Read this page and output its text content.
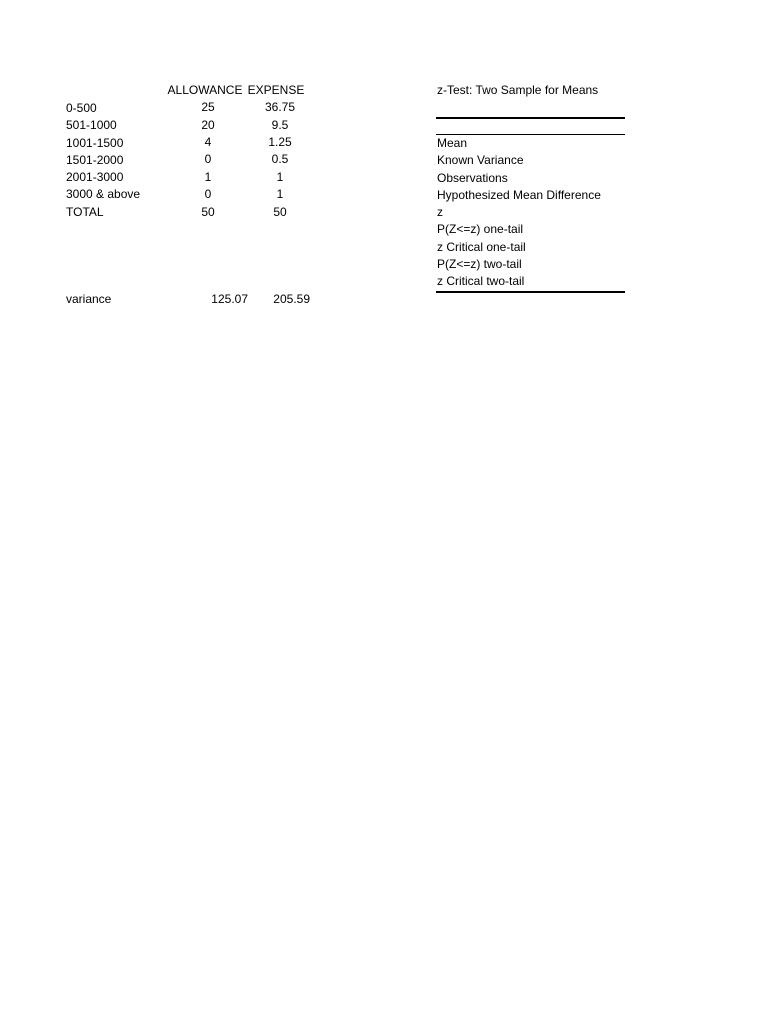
ALLOWANCE EXPENSE
0-500	25	36.75
501-1000	20	9.5
1001-1500	4	1.25
1501-2000	0	0.5
2001-3000	1	1
3000 & above	0	1
TOTAL	50	50
variance	125.07	205.59
z-Test: Two Sample for Means
Mean
Known Variance
Observations
Hypothesized Mean Difference
z
P(Z<=z) one-tail
z Critical one-tail
P(Z<=z) two-tail
z Critical two-tail
